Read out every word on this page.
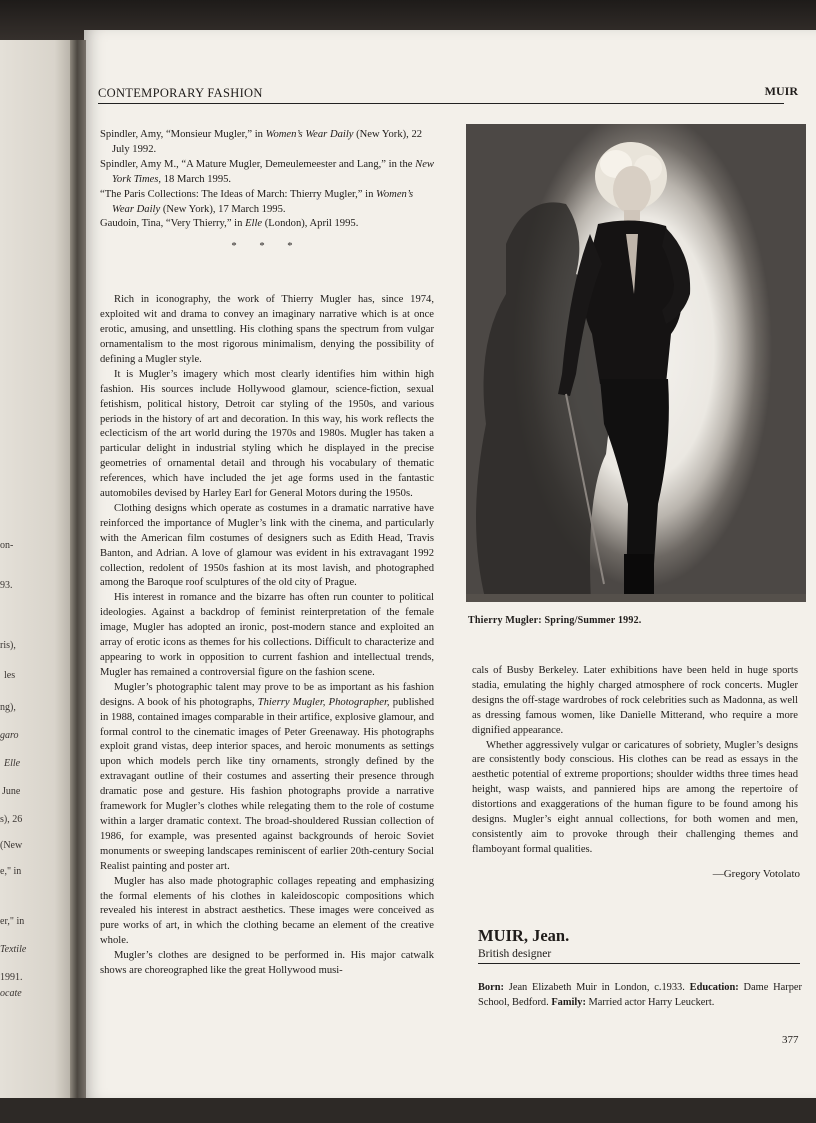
on-
93.
ris),
les
ng),
garo
Elle
June
s), 26
(New
e," in
er," in
Textile
1991.
ocate
CONTEMPORARY FASHION	MUIR

Spindler, Amy, “Monsieur Mugler,” in Women’s Wear Daily (New York), 22 July 1992.

Spindler, Amy M., “A Mature Mugler, Demeulemeester and Lang,” in the New York Times, 18 March 1995.

“The Paris Collections: The Ideas of March: Thierry Mugler,” in Women’s Wear Daily (New York), 17 March 1995.

Gaudoin, Tina, “Very Thierry,” in Elle (London), April 1995.

* * *

Rich in iconography, the work of Thierry Mugler has, since 1974, exploited wit and drama to convey an imaginary narrative which is at once erotic, amusing, and unsettling. His clothing spans the spectrum from vulgar ornamentalism to the most rigorous minimalism, denying the possibility of defining a Mugler style.

It is Mugler’s imagery which most clearly identifies him within high fashion. His sources include Hollywood glamour, science-fiction, sexual fetishism, political history, Detroit car styling of the 1950s, and various periods in the history of art and decoration. In this way, his work reflects the eclecticism of the art world during the 1970s and 1980s. Mugler has taken a particular delight in industrial styling which he displayed in the precise geometries of ornamental detail and through his vocabulary of thematic references, which have included the jet age forms used in the fantastic automobiles devised by Harley Earl for General Motors during the 1950s.

Clothing designs which operate as costumes in a dramatic narrative have reinforced the importance of Mugler’s link with the cinema, and particularly with the American film costumes of designers such as Edith Head, Travis Banton, and Adrian. A love of glamour was evident in his extravagant 1992 collection, redolent of 1950s fashion at its most lavish, and photographed among the Baroque roof sculptures of the old city of Prague.

His interest in romance and the bizarre has often run counter to political ideologies. Against a backdrop of feminist reinterpretation of the female image, Mugler has adopted an ironic, post-modern stance and exploited an array of erotic icons as themes for his collections. Difficult to characterize and appearing to work in opposition to current fashion and intellectual trends, Mugler has remained a controversial figure on the fashion scene.

Mugler’s photographic talent may prove to be as important as his fashion designs. A book of his photographs, Thierry Mugler, Photographer, published in 1988, contained images comparable in their artifice, explosive glamour, and formal control to the cinematic images of Peter Greenaway. His photographs exploit grand vistas, deep interior spaces, and heroic monuments as settings upon which models perch like tiny ornaments, strongly defined by the extravagant outline of their costumes and asserting their presence through dramatic pose and gesture. His fashion photographs provide a narrative framework for Mugler’s clothes while relegating them to the role of costume within a larger dramatic context. The broad-shouldered Russian collection of 1986, for example, was presented against backgrounds of heroic Soviet monuments or sweeping landscapes reminiscent of earlier 20th-century Social Realist painting and poster art.

Mugler has also made photographic collages repeating and emphasizing the formal elements of his clothes in kaleidoscopic compositions which revealed his interest in abstract aesthetics. These images were conceived as pure works of art, in which the clothing became an element of the creative whole.

Mugler’s clothes are designed to be performed in. His major catwalk shows are choreographed like the great Hollywood musi-

Thierry Mugler: Spring/Summer 1992.

cals of Busby Berkeley. Later exhibitions have been held in huge sports stadia, emulating the highly charged atmosphere of rock concerts. Mugler designs the off-stage wardrobes of rock celebrities such as Madonna, as well as dressing famous women, like Danielle Mitterand, who require a more dignified appearance.

Whether aggressively vulgar or caricatures of sobriety, Mugler’s designs are consistently body conscious. His clothes can be read as essays in the aesthetic potential of extreme proportions; shoulder widths three times head height, wasp waists, and panniered hips are among the repertoire of distortions and exaggerations of the human figure to be found among his designs. Mugler’s eight annual collections, for both women and men, consistently aim to provoke through their challenging themes and flamboyant formal qualities.

—Gregory Votolato
MUIR, Jean.
British designer
Born: Jean Elizabeth Muir in London, c.1933. Education: Dame Harper School, Bedford. Family: Married actor Harry Leuckert.
377
